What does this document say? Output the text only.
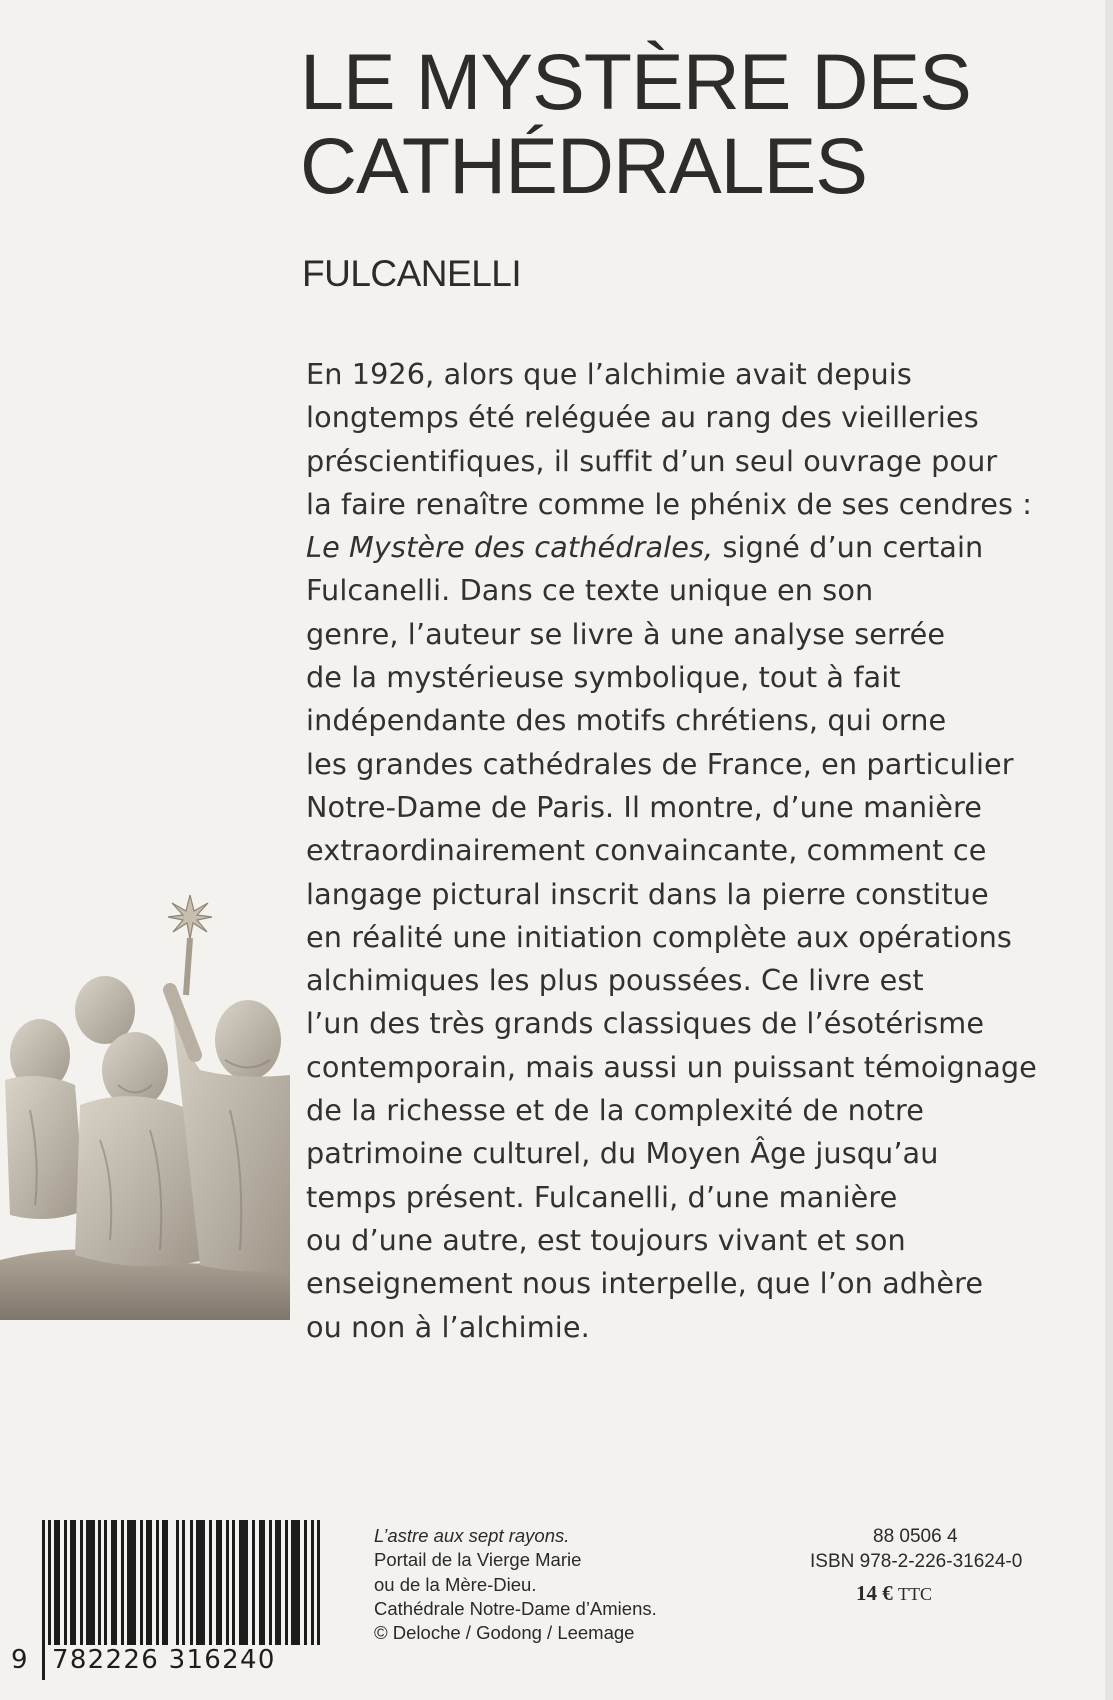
LE MYSTÈRE DES
CATHÉDRALES
FULCANELLI
En 1926, alors que l’alchimie avait depuis
longtemps été reléguée au rang des vieilleries
préscientifiques, il suffit d’un seul ouvrage pour
la faire renaître comme le phénix de ses cendres :
Le Mystère des cathédrales, signé d’un certain
Fulcanelli. Dans ce texte unique en son
genre, l’auteur se livre à une analyse serrée
de la mystérieuse symbolique, tout à fait
indépendante des motifs chrétiens, qui orne
les grandes cathédrales de France, en particulier
Notre-Dame de Paris. Il montre, d’une manière
extraordinairement convaincante, comment ce
langage pictural inscrit dans la pierre constitue
en réalité une initiation complète aux opérations
alchimiques les plus poussées. Ce livre est
l’un des très grands classiques de l’ésotérisme
contemporain, mais aussi un puissant témoignage
de la richesse et de la complexité de notre
patrimoine culturel, du Moyen Âge jusqu’au
temps présent. Fulcanelli, d’une manière
ou d’une autre, est toujours vivant et son
enseignement nous interpelle, que l’on adhère
ou non à l’alchimie.
9 782226 316240
L’astre aux sept rayons.
Portail de la Vierge Marie
ou de la Mère-Dieu.
Cathédrale Notre-Dame d’Amiens.
© Deloche / Godong / Leemage
88 0506 4
ISBN 978-2-226-31624-0
14 € TTC
